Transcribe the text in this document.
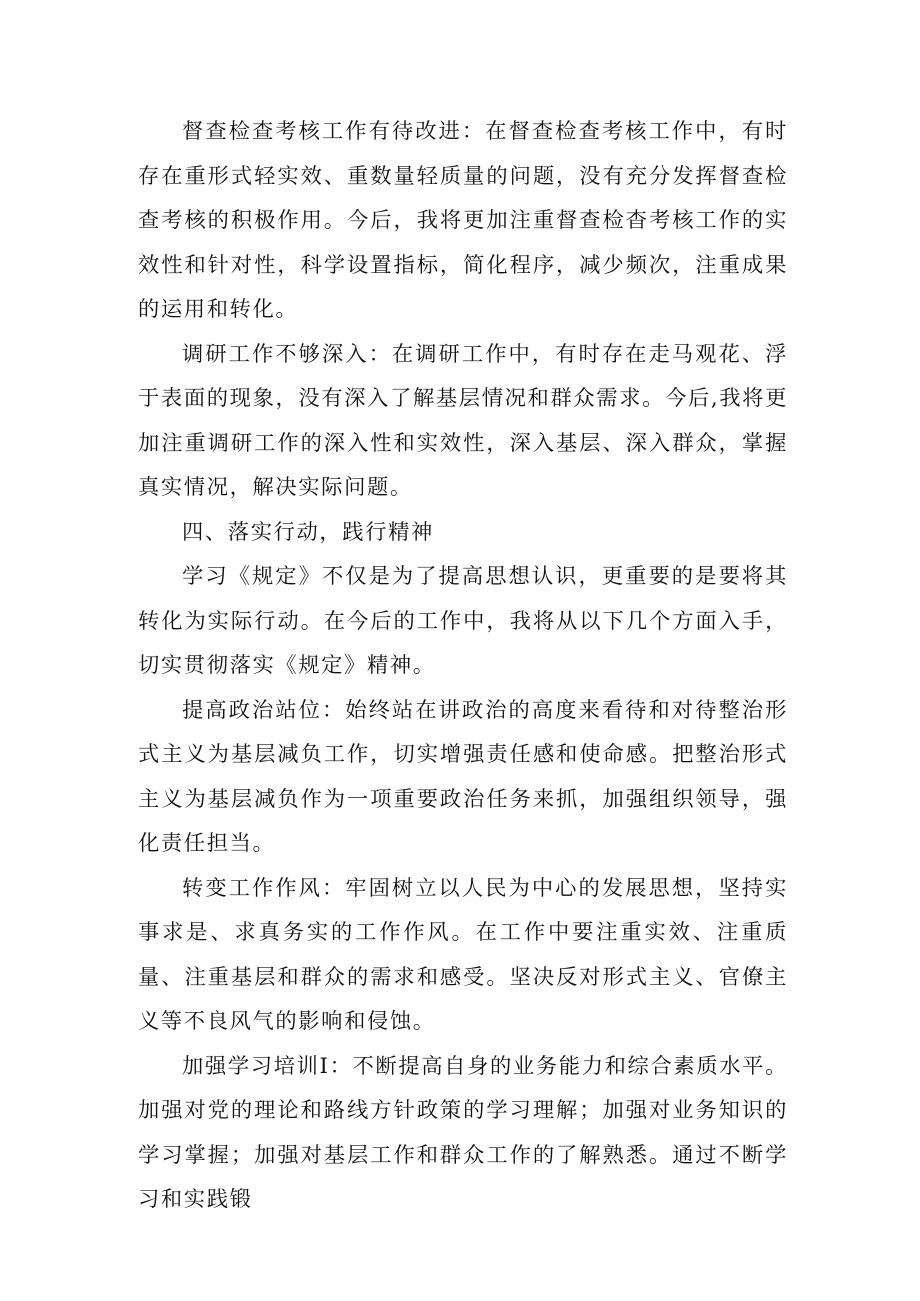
督查检查考核工作有待改进：在督查检查考核工作中，有时存在重形式轻实效、重数量轻质量的问题，没有充分发挥督查检查考核的积极作用。今后，我将更加注重督查检杳考核工作的实效性和针对性，科学设置指标，简化程序，减少频次，注重成果的运用和转化。

调研工作不够深入：在调研工作中，有时存在走马观花、浮于表面的现象，没有深入了解基层情况和群众需求。今后,我将更加注重调研工作的深入性和实效性，深入基层、深入群众，掌握真实情况，解决实际问题。

四、落实行动，践行精神

学习《规定》不仅是为了提高思想认识，更重要的是要将其转化为实际行动。在今后的工作中，我将从以下几个方面入手，切实贯彻落实《规定》精神。

提高政治站位：始终站在讲政治的高度来看待和对待整治形式主义为基层减负工作，切实增强责任感和使命感。把整治形式主义为基层减负作为一项重要政治任务来抓，加强组织领导，强化责任担当。

转变工作作风：牢固树立以人民为中心的发展思想，坚持实事求是、求真务实的工作作风。在工作中要注重实效、注重质量、注重基层和群众的需求和感受。坚决反对形式主义、官僚主义等不良风气的影响和侵蚀。

加强学习培训I：不断提高自身的业务能力和综合素质水平。加强对党的理论和路线方针政策的学习理解；加强对业务知识的学习掌握；加强对基层工作和群众工作的了解熟悉。通过不断学习和实践锻
